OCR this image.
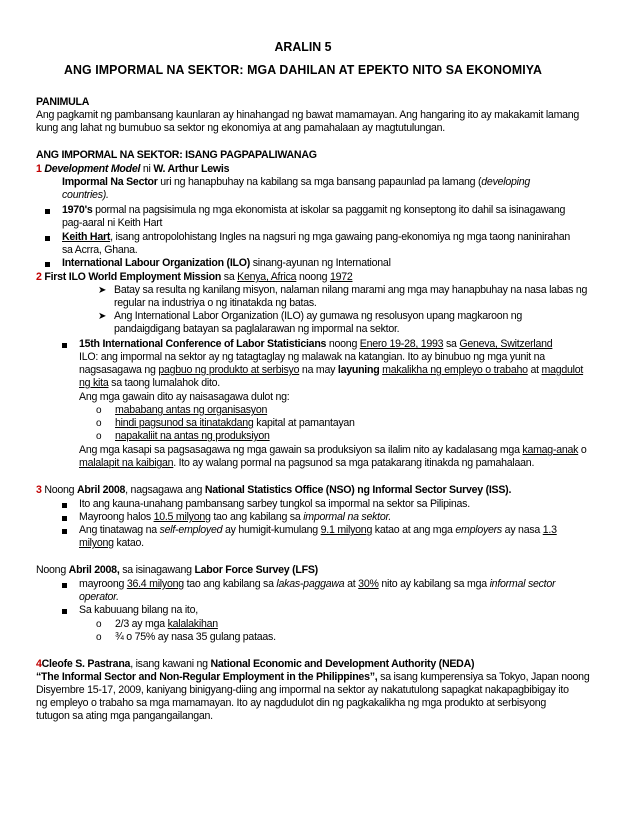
ARALIN 5
ANG IMPORMAL NA SEKTOR: MGA DAHILAN AT EPEKTO NITO SA EKONOMIYA
PANIMULA
Ang pagkamit ng pambansang kaunlaran ay hinahangad ng bawat mamamayan. Ang hangaring ito ay makakamit lamang
kung ang lahat ng bumubuo sa sektor ng ekonomiya at ang pamahalaan ay magtutulungan.
ANG IMPORMAL NA SEKTOR: ISANG PAGPAPALIWANAG
1 Development Model ni W. Arthur Lewis
Impormal Na Sector uri ng hanapbuhay na kabilang sa mga bansang papaunlad pa lamang (developing
countries).
1970's pormal na pagsisimula ng mga ekonomista at iskolar sa paggamit ng konseptong ito dahil sa isinagawang
pag-aaral ni Keith Hart
Keith Hart, isang antropolohistang Ingles na nagsuri ng mga gawaing pang-ekonomiya ng mga taong naninirahan
sa Acrra, Ghana.
International Labour Organization (ILO) sinang-ayunan ng International
2 First ILO World Employment Mission sa Kenya, Africa noong 1972
➤ Batay sa resulta ng kanilang misyon, nalaman nilang marami ang mga may hanapbuhay na nasa labas ng
regular na industriya o ng itinatakda ng batas.
➤ Ang International Labor Organization (ILO) ay gumawa ng resolusyon upang magkaroon ng
pandaigdigang batayan sa paglalarawan ng impormal na sektor.
15th International Conference of Labor Statisticians noong Enero 19-28, 1993 sa Geneva, Switzerland
ILO: ang impormal na sektor ay ng tatagtaglay ng malawak na katangian. Ito ay binubuo ng mga yunit na
nagsasagawa ng pagbuo ng produkto at serbisyo na may layuning makalikha ng empleyo o trabaho at magdulot
ng kita sa taong lumalahok dito.
Ang mga gawain dito ay naisasagawa dulot ng:
o mababang antas ng organisasyon
o hindi pagsunod sa itinatakdang kapital at pamantayan
o napakaliit na antas ng produksiyon
Ang mga kasapi sa pagsasagawa ng mga gawain sa produksiyon sa ilalim nito ay kadalasang mga kamag-anak o
malalapit na kaibigan. Ito ay walang pormal na pagsunod sa mga patakarang itinakda ng pamahalaan.
3 Noong Abril 2008, nagsagawa ang National Statistics Office (NSO) ng Informal Sector Survey (ISS).
Ito ang kauna-unahang pambansang sarbey tungkol sa impormal na sektor sa Pilipinas.
Mayroong halos 10.5 milyong tao ang kabilang sa impormal na sektor.
Ang tinatawag na self-employed ay humigit-kumulang 9.1 milyong katao at ang mga employers ay nasa 1.3
milyong katao.
Noong Abril 2008, sa isinagawang Labor Force Survey (LFS)
mayroong 36.4 milyong tao ang kabilang sa lakas-paggawa at 30% nito ay kabilang sa mga informal sector
operator.
Sa kabuuang bilang na ito,
o 2/3 ay mga kalalakihan
o ¾ o 75% ay nasa 35 gulang pataas.
4Cleofe S. Pastrana, isang kawani ng National Economic and Development Authority (NEDA)
“The Informal Sector and Non-Regular Employment in the Philippines”, sa isang kumperensiya sa Tokyo, Japan noong
Disyembre 15-17, 2009, kaniyang binigyang-diing ang impormal na sektor ay nakatutulong sapagkat nakapagbibigay ito
ng empleyo o trabaho sa mga mamamayan. Ito ay nagdudulot din ng pagkakalikha ng mga produkto at serbisyong
tutugon sa ating mga pangangailangan.
